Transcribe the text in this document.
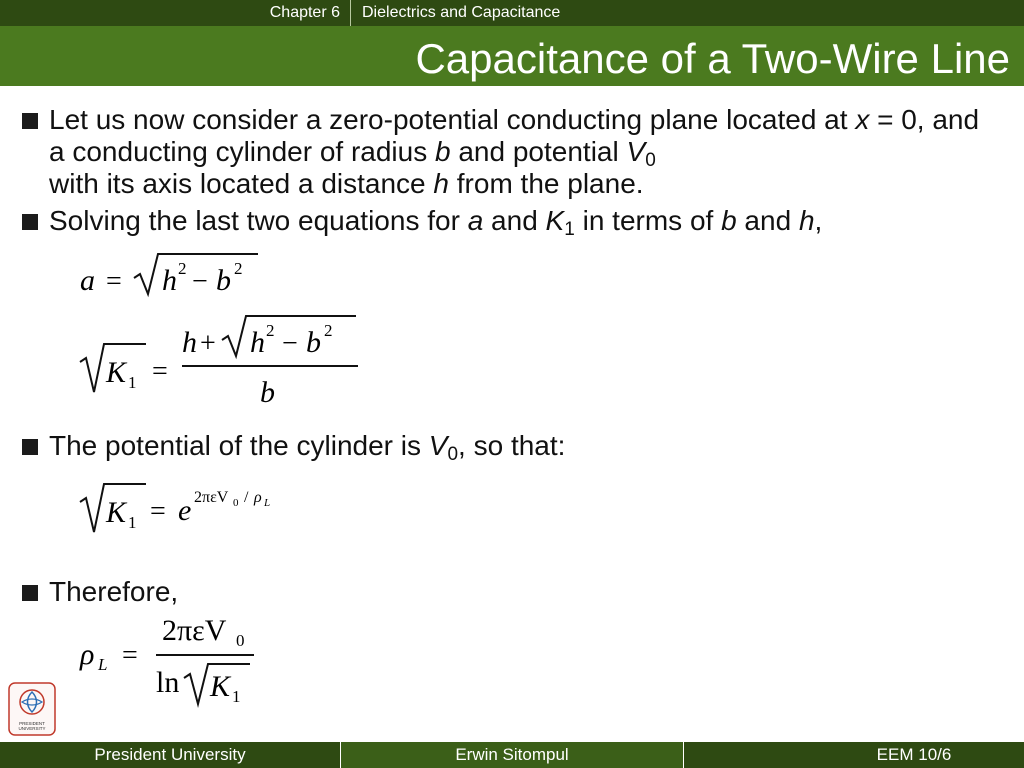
Chapter 6 Dielectrics and Capacitance
Capacitance of a Two-Wire Line
Let us now consider a zero-potential conducting plane located at x = 0, and a conducting cylinder of radius b and potential $V_0$
with its axis located a distance h from the plane.
Solving the last two equations for a and $K_1$ in terms of b and h,
a = h 2 − b 2
K 1 =
h + h 2 − b 2
b
The potential of the cylinder is $V_0$, so that:
K 1 = e 2πεV 0 / ρ L
Therefore,
ρ L =
2πεV 0
ln K 1
PRESIDENT
UNIVERSITY
President University	Erwin Sitompul	EEM 10/6
